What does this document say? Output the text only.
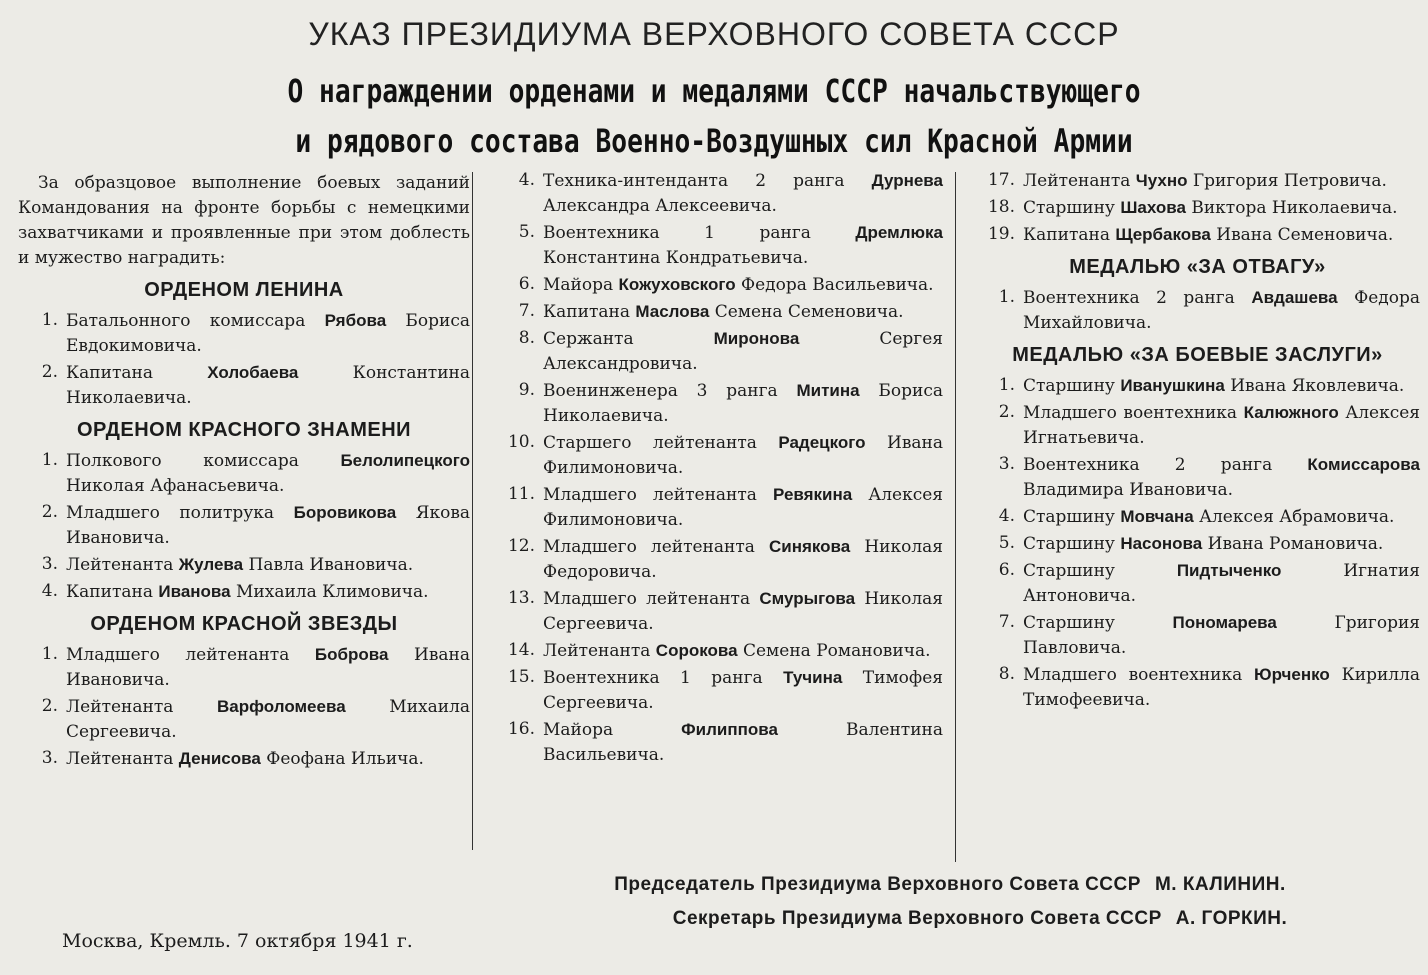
УКАЗ ПРЕЗИДИУМА ВЕРХОВНОГО СОВЕТА СССР
О награждении орденами и медалями СССР начальствующего
и рядового состава Военно-Воздушных сил Красной Армии

За образцовое выполнение боевых заданий Командования на фронте борьбы с немецкими захватчиками и проявленные при этом доблесть и мужество наградить:

ОРДЕНОМ ЛЕНИНА
1. Батальонного комиссара Рябова Бориса Евдокимовича.
2. Капитана	Холобаева	Константина Николаевича.
ОРДЕНОМ КРАСНОГО ЗНАМЕНИ
1. Полкового комиссара Белолипецкого Николая Афанасьевича.
2. Младшего политрука Боровикова Якова Ивановича.
3. Лейтенанта Жулева Павла Ивановича.
4. Капитана Иванова Михаила Климовича.
ОРДЕНОМ КРАСНОЙ ЗВЕЗДЫ
1. Младшего лейтенанта Боброва Ивана Ивановича.
2. Лейтенанта	Варфоломеева	Михаила Сергеевича.
3. Лейтенанта Денисова Феофана Ильича.
4. Техника-интенданта 2 ранга Дурнева Александра Алексеевича.
5. Воентехника 1 ранга	Дремлюка Константина Кондратьевича.
6. Майора Кожуховского Федора Васильевича.
7. Капитана Маслова Семена Семеновича.
8. Сержанта	Миронова	Сергея Александровича.
9. Военинженера 3 ранга Митина Бориса Николаевича.
10. Старшего лейтенанта Радецкого Ивана Филимоновича.
11. Младшего лейтенанта Ревякина Алексея Филимоновича.
12. Младшего лейтенанта Синякова Николая Федоровича.
13. Младшего лейтенанта Смурыгова Николая Сергеевича.
14. Лейтенанта Сорокова Семена Романовича.
15. Воентехника 1 ранга Тучина Тимофея Сергеевича.
16. Майора	Филиппова	Валентина Васильевича.
17. Лейтенанта Чухно Григория Петровича.
18. Старшину Шахова Виктора Николаевича.
19. Капитана Щербакова Ивана Семеновича.
МЕДАЛЬЮ «ЗА ОТВАГУ»
1. Воентехника 2 ранга Авдашева Федора Михайловича.
МЕДАЛЬЮ «ЗА БОЕВЫЕ ЗАСЛУГИ»
1. Старшину Иванушкина Ивана Яковлевича.
2. Младшего воентехника Калюжного Алексея Игнатьевича.
3. Воентехника 2 ранга Комиссарова Владимира Ивановича.
4. Старшину Мовчана Алексея Абрамовича.
5. Старшину Насонова Ивана Романовича.
6. Старшину	Пидтыченко	Игнатия Антоновича.
7. Старшину	Пономарева	Григория Павловича.
8. Младшего воентехника Юрченко Кирилла Тимофеевича.
Председатель Президиума Верховного Совета СССР М. КАЛИНИН.
Секретарь Президиума Верховного Совета СССР А. ГОРКИН.
Москва, Кремль. 7 октября 1941 г.
